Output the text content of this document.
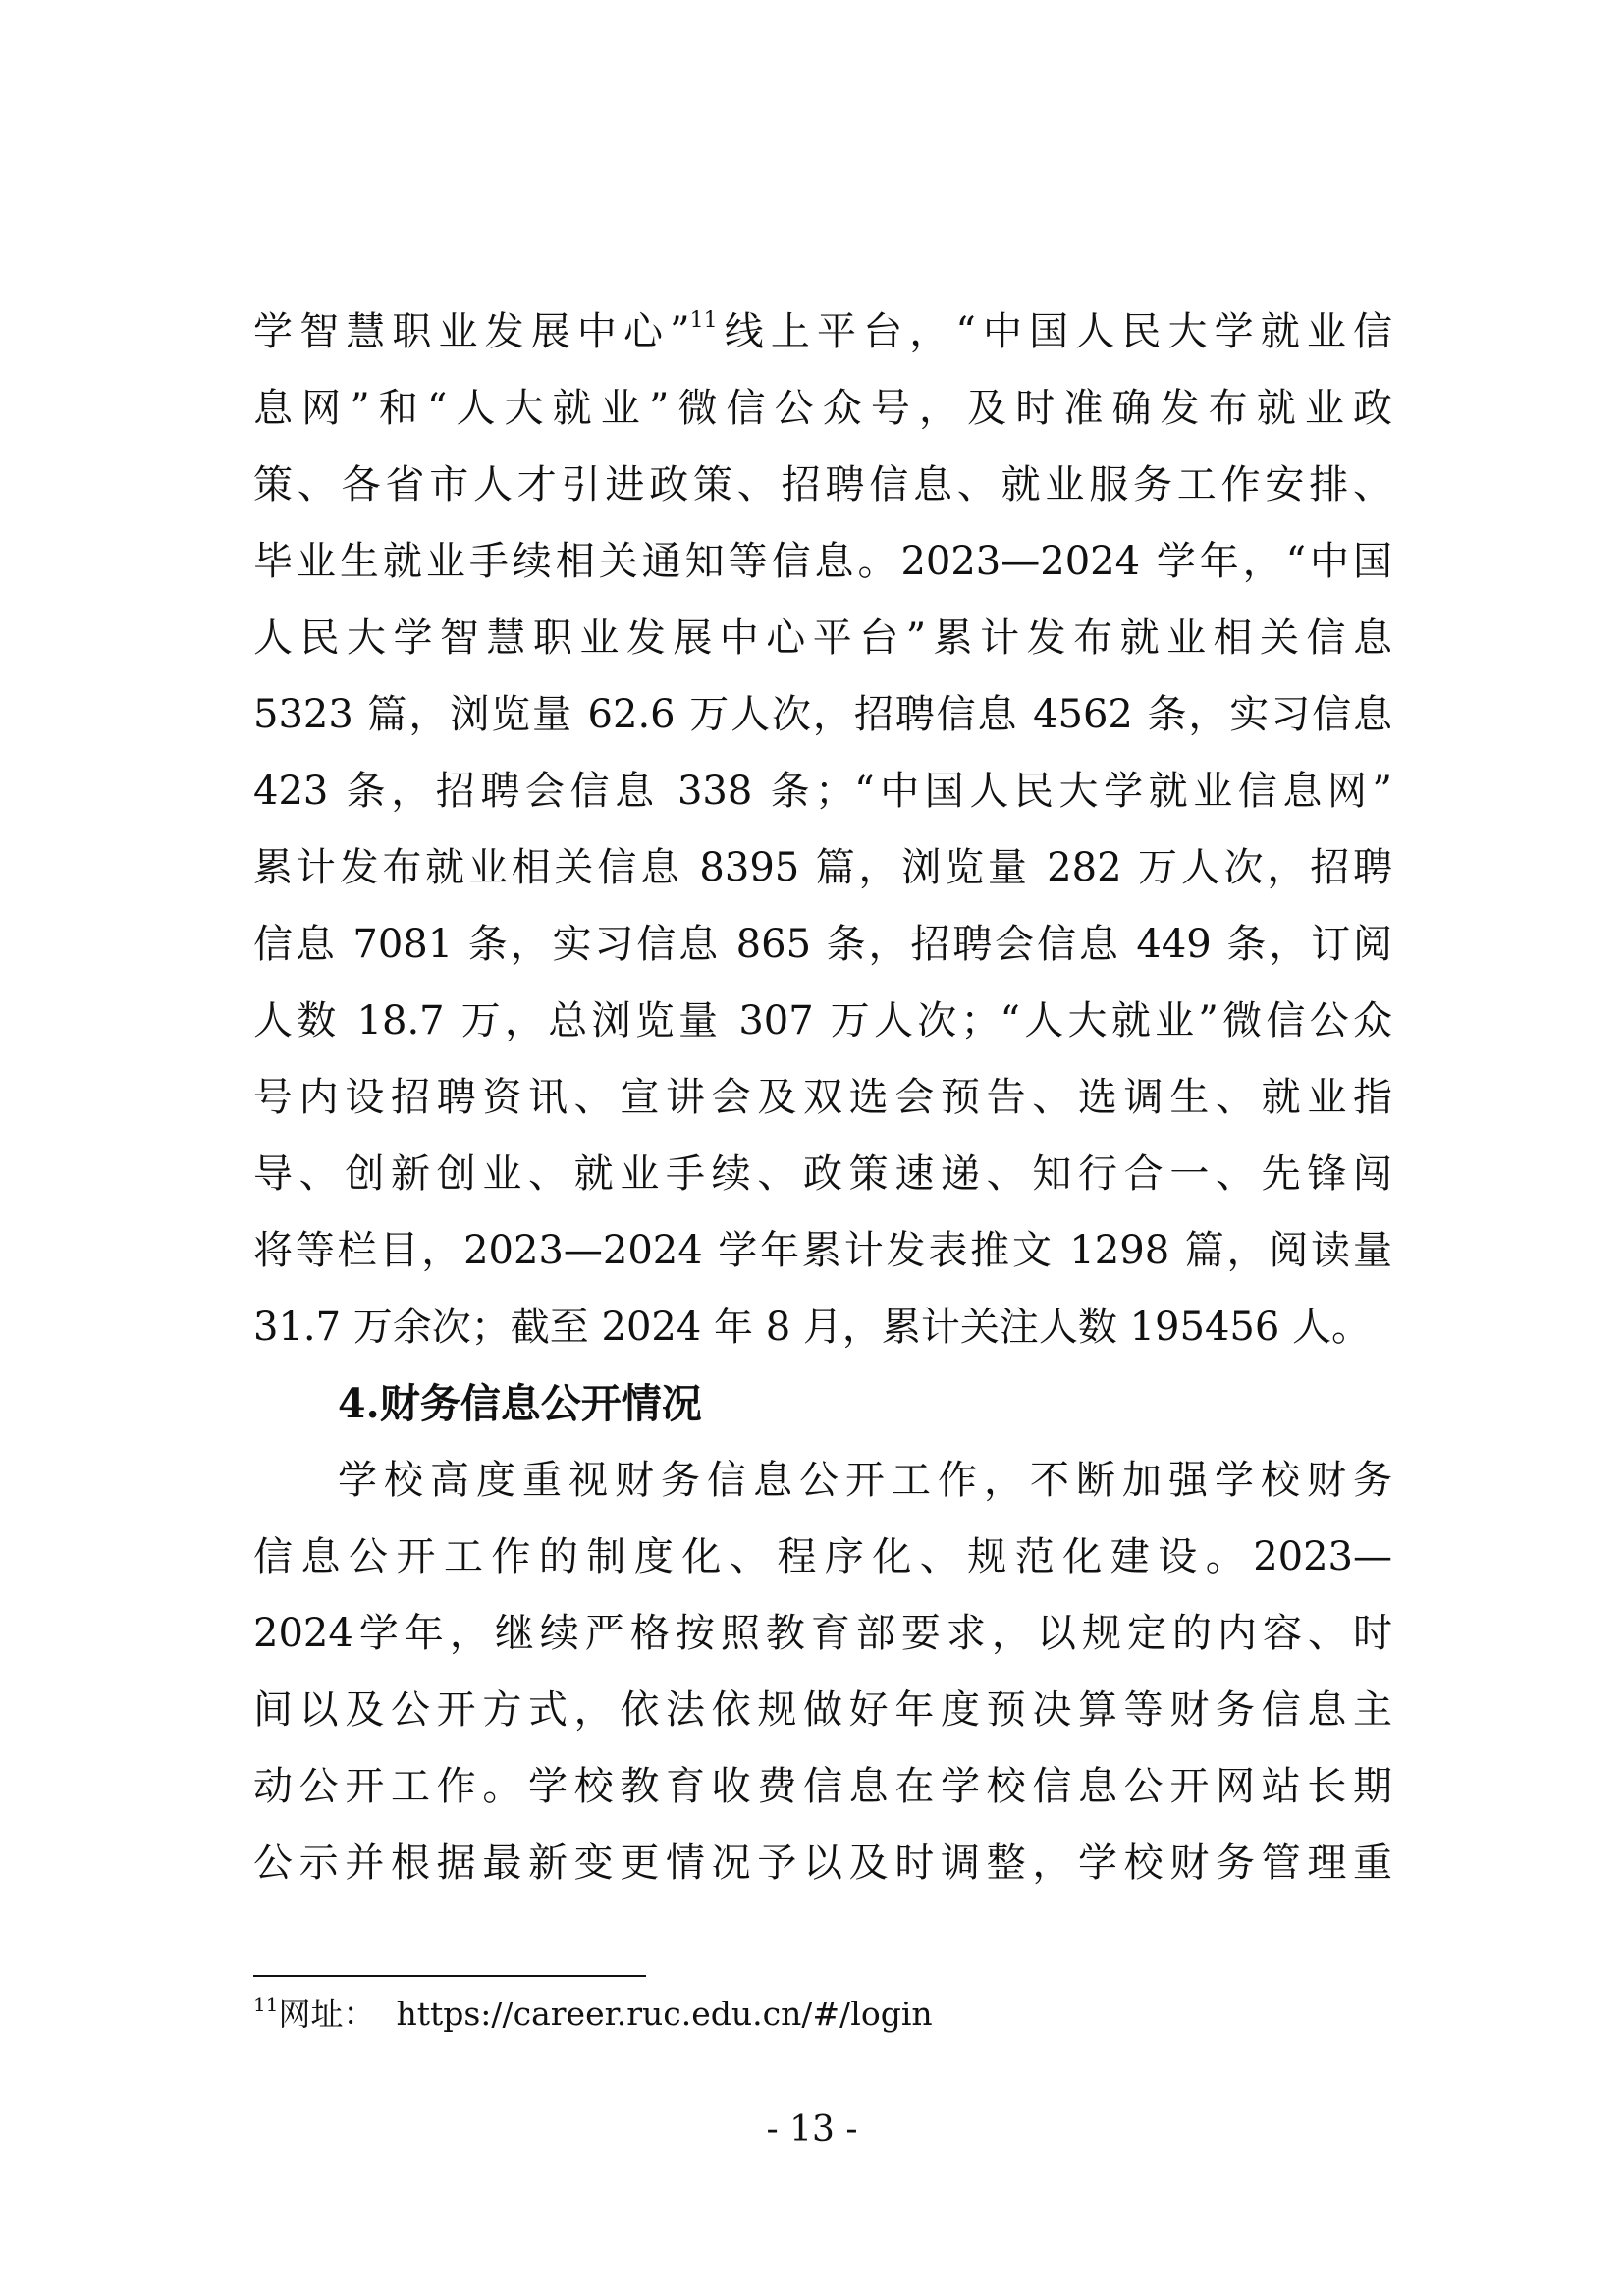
学智慧职业发展中心”$^{11}$线上平台，“中国人民大学就业信
息网”和“人大就业”微信公众号，及时准确发布就业政
策、各省市人才引进政策、招聘信息、就业服务工作安排、
毕业生就业手续相关通知等信息。2023—2024 学年，“中国
人民大学智慧职业发展中心平台”累计发布就业相关信息
5323 篇，浏览量 62.6 万人次，招聘信息 4562 条，实习信息
423 条，招聘会信息 338 条；“中国人民大学就业信息网”
累计发布就业相关信息 8395 篇，浏览量 282 万人次，招聘
信息 7081 条，实习信息 865 条，招聘会信息 449 条，订阅
人数 18.7 万，总浏览量 307 万人次；“人大就业”微信公众
号内设招聘资讯、宣讲会及双选会预告、选调生、就业指
导、创新创业、就业手续、政策速递、知行合一、先锋闯
将等栏目，2023—2024 学年累计发表推文 1298 篇，阅读量
31.7 万余次；截至 2024 年 8 月，累计关注人数 195456 人。
4.财务信息公开情况
学校高度重视财务信息公开工作，不断加强学校财务
信息公开工作的制度化、程序化、规范化建设。2023—
2024学年，继续严格按照教育部要求，以规定的内容、时
间以及公开方式，依法依规做好年度预决算等财务信息主
动公开工作。学校教育收费信息在学校信息公开网站长期
公示并根据最新变更情况予以及时调整，学校财务管理重
$^{11}$网址： https://career.ruc.edu.cn/#/login
- 13 -
